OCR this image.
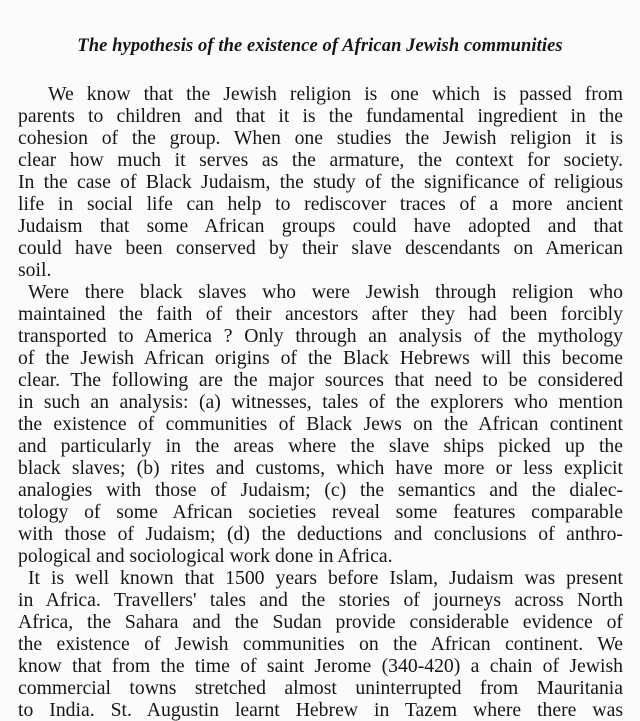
The hypothesis of the existence of African Jewish communities
We know that the Jewish religion is one which is passed from
parents to children and that it is the fundamental ingredient in the
cohesion of the group. When one studies the Jewish religion it is
clear how much it serves as the armature, the context for society.
In the case of Black Judaism, the study of the significance of religious
life in social life can help to rediscover traces of a more ancient
Judaism that some African groups could have adopted and that
could have been conserved by their slave descendants on American
soil.
Were there black slaves who were Jewish through religion who
maintained the faith of their ancestors after they had been forcibly
transported to America ? Only through an analysis of the mythology
of the Jewish African origins of the Black Hebrews will this become
clear. The following are the major sources that need to be considered
in such an analysis: (a) witnesses, tales of the explorers who mention
the existence of communities of Black Jews on the African continent
and particularly in the areas where the slave ships picked up the
black slaves; (b) rites and customs, which have more or less explicit
analogies with those of Judaism; (c) the semantics and the dialec-
tology of some African societies reveal some features comparable
with those of Judaism; (d) the deductions and conclusions of anthro-
pological and sociological work done in Africa.
It is well known that 1500 years before Islam, Judaism was present
in Africa. Travellers' tales and the stories of journeys across North
Africa, the Sahara and the Sudan provide considerable evidence of
the existence of Jewish communities on the African continent. We
know that from the time of saint Jerome (340-420) a chain of Jewish
commercial towns stretched almost uninterrupted from Mauritania
to India. St. Augustin learnt Hebrew in Tazem where there was
